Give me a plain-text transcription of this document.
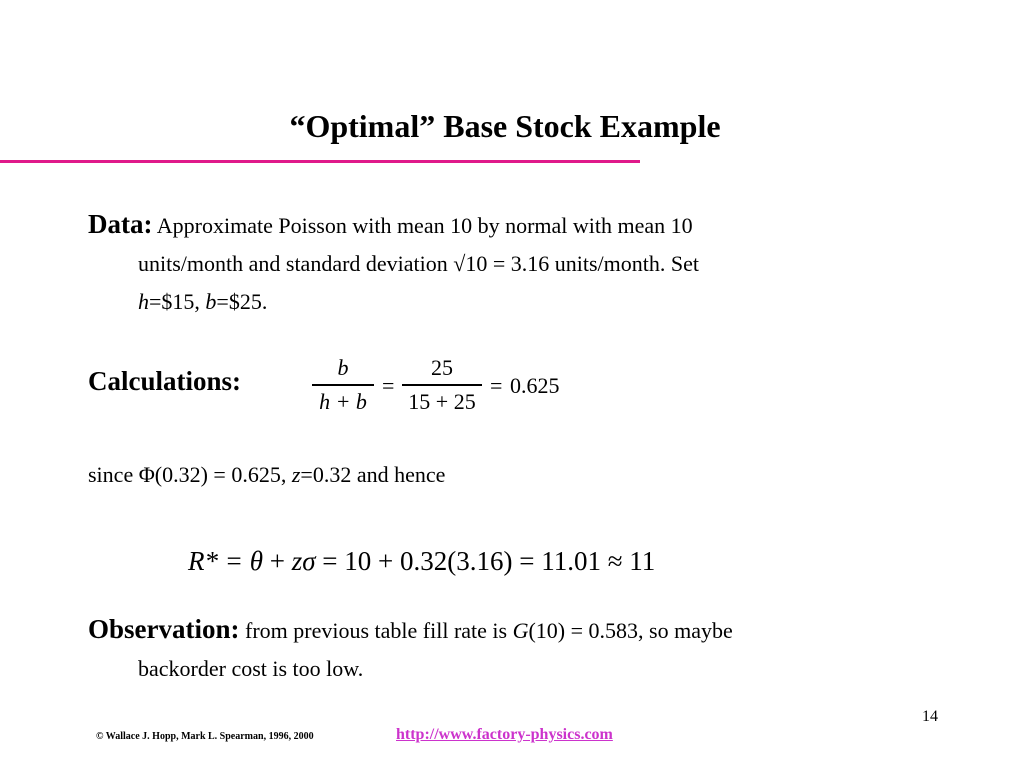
“Optimal” Base Stock Example
Data: Approximate Poisson with mean 10 by normal with mean 10
units/month and standard deviation √10 = 3.16 units/month. Set
h=$15, b=$25.
Calculations:	b
h + b
=
25
15 + 25
= 0.625
since Φ(0.32) = 0.625, z=0.32 and hence
R* = θ + zσ = 10 + 0.32(3.16) = 11.01 ≈ 11
Observation: from previous table fill rate is G(10) = 0.583, so maybe
backorder cost is too low.
14
© Wallace J. Hopp, Mark L. Spearman, 1996, 2000	http://www.factory-physics.com
